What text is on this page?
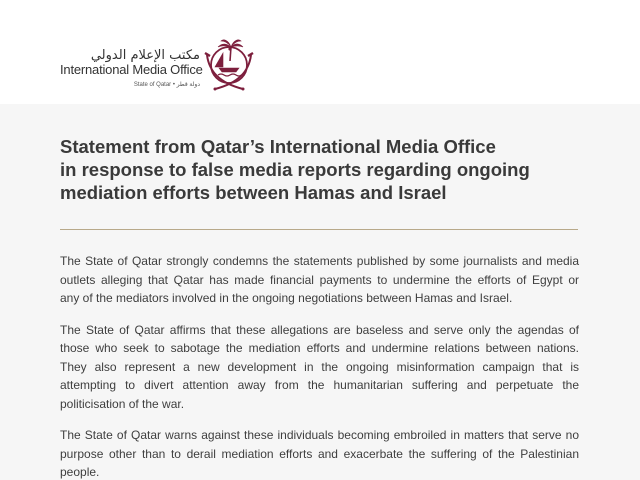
مكتب الإعلام الدولي
International Media Office
State of Qatar • دولة قطر
Statement from Qatar’s International Media Office
in response to false media reports regarding ongoing
mediation efforts between Hamas and Israel

The State of Qatar strongly condemns the statements published by some journalists and media
outlets alleging that Qatar has made financial payments to undermine the efforts of Egypt or
any of the mediators involved in the ongoing negotiations between Hamas and Israel.

The State of Qatar affirms that these allegations are baseless and serve only the agendas of
those who seek to sabotage the mediation efforts and undermine relations between nations.
They also represent a new development in the ongoing misinformation campaign that is
attempting to divert attention away from the humanitarian suffering and perpetuate the
politicisation of the war.

The State of Qatar warns against these individuals becoming embroiled in matters that serve no
purpose other than to derail mediation efforts and exacerbate the suffering of the Palestinian
people.
